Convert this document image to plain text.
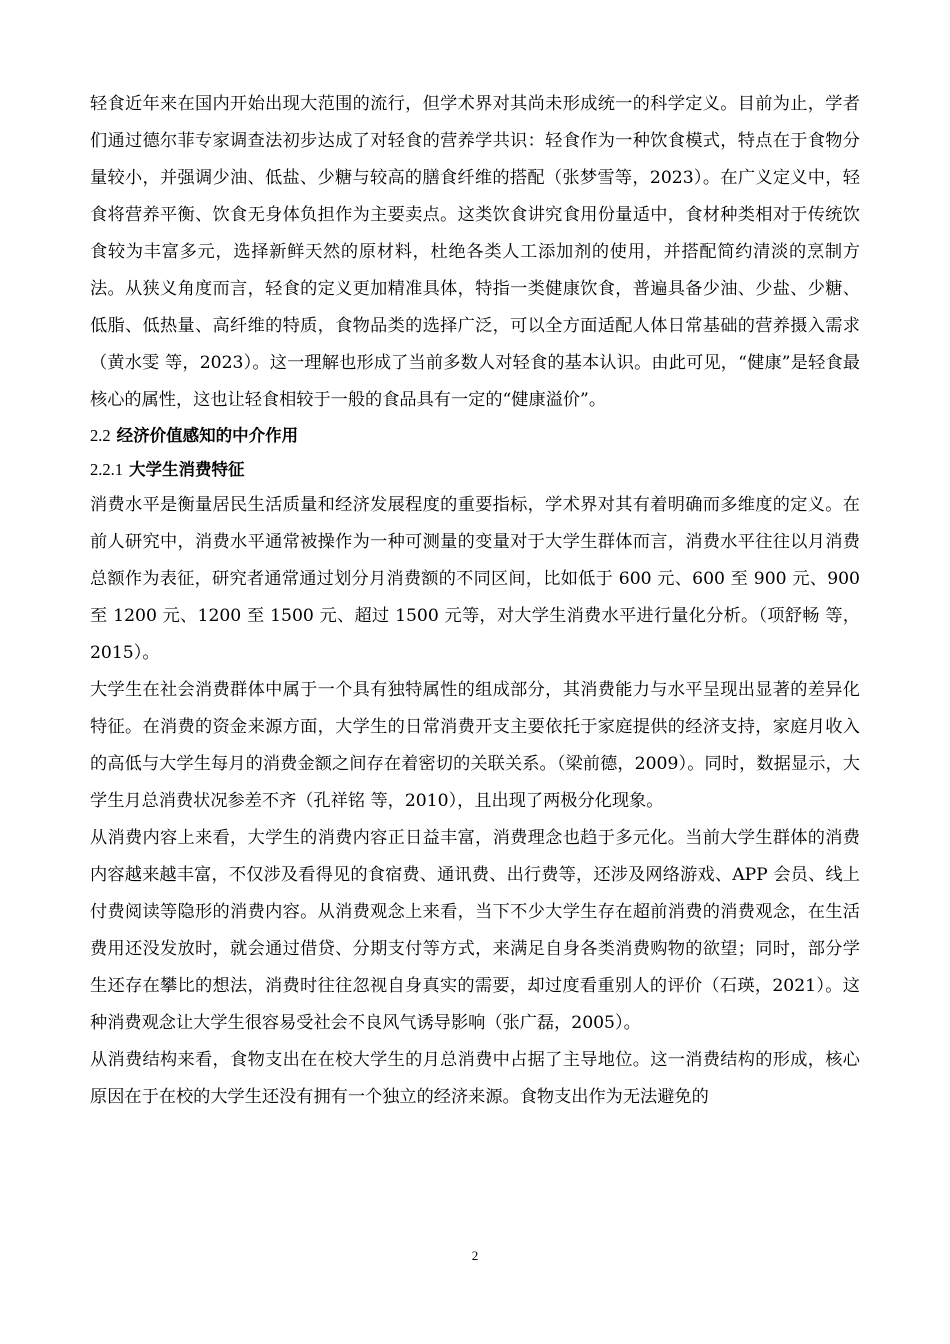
轻食近年来在国内开始出现大范围的流行，但学术界对其尚未形成统一的科学定义。目前为止，学者们通过德尔菲专家调查法初步达成了对轻食的营养学共识：轻食作为一种饮食模式，特点在于食物分量较小，并强调少油、低盐、少糖与较高的膳食纤维的搭配（张梦雪等，2023）。在广义定义中，轻食将营养平衡、饮食无身体负担作为主要卖点。这类饮食讲究食用份量适中，食材种类相对于传统饮食较为丰富多元，选择新鲜天然的原材料，杜绝各类人工添加剂的使用，并搭配简约清淡的烹制方法。从狭义角度而言，轻食的定义更加精准具体，特指一类健康饮食，普遍具备少油、少盐、少糖、低脂、低热量、高纤维的特质，食物品类的选择广泛，可以全方面适配人体日常基础的营养摄入需求（黄水雯 等，2023）。这一理解也形成了当前多数人对轻食的基本认识。由此可见，“健康”是轻食最核心的属性，这也让轻食相较于一般的食品具有一定的“健康溢价”。

2.2 经济价值感知的中介作用
2.2.1 大学生消费特征

消费水平是衡量居民生活质量和经济发展程度的重要指标，学术界对其有着明确而多维度的定义。在前人研究中，消费水平通常被操作为一种可测量的变量对于大学生群体而言，消费水平往往以月消费总额作为表征，研究者通常通过划分月消费额的不同区间，比如低于 600 元、600 至 900 元、900 至 1200 元、1200 至 1500 元、超过 1500 元等，对大学生消费水平进行量化分析。（项舒畅 等，2015）。

大学生在社会消费群体中属于一个具有独特属性的组成部分，其消费能力与水平呈现出显著的差异化特征。在消费的资金来源方面，大学生的日常消费开支主要依托于家庭提供的经济支持，家庭月收入的高低与大学生每月的消费金额之间存在着密切的关联关系。（梁前德，2009）。同时，数据显示，大学生月总消费状况参差不齐（孔祥铭 等，2010），且出现了两极分化现象。

从消费内容上来看，大学生的消费内容正日益丰富，消费理念也趋于多元化。当前大学生群体的消费内容越来越丰富，不仅涉及看得见的食宿费、通讯费、出行费等，还涉及网络游戏、APP 会员、线上付费阅读等隐形的消费内容。从消费观念上来看，当下不少大学生存在超前消费的消费观念，在生活费用还没发放时，就会通过借贷、分期支付等方式，来满足自身各类消费购物的欲望；同时，部分学生还存在攀比的想法，消费时往往忽视自身真实的需要，却过度看重别人的评价（石瑛，2021）。这种消费观念让大学生很容易受社会不良风气诱导影响（张广磊，2005）。

从消费结构来看，食物支出在在校大学生的月总消费中占据了主导地位。这一消费结构的形成，核心原因在于在校的大学生还没有拥有一个独立的经济来源。食物支出作为无法避免的

2
